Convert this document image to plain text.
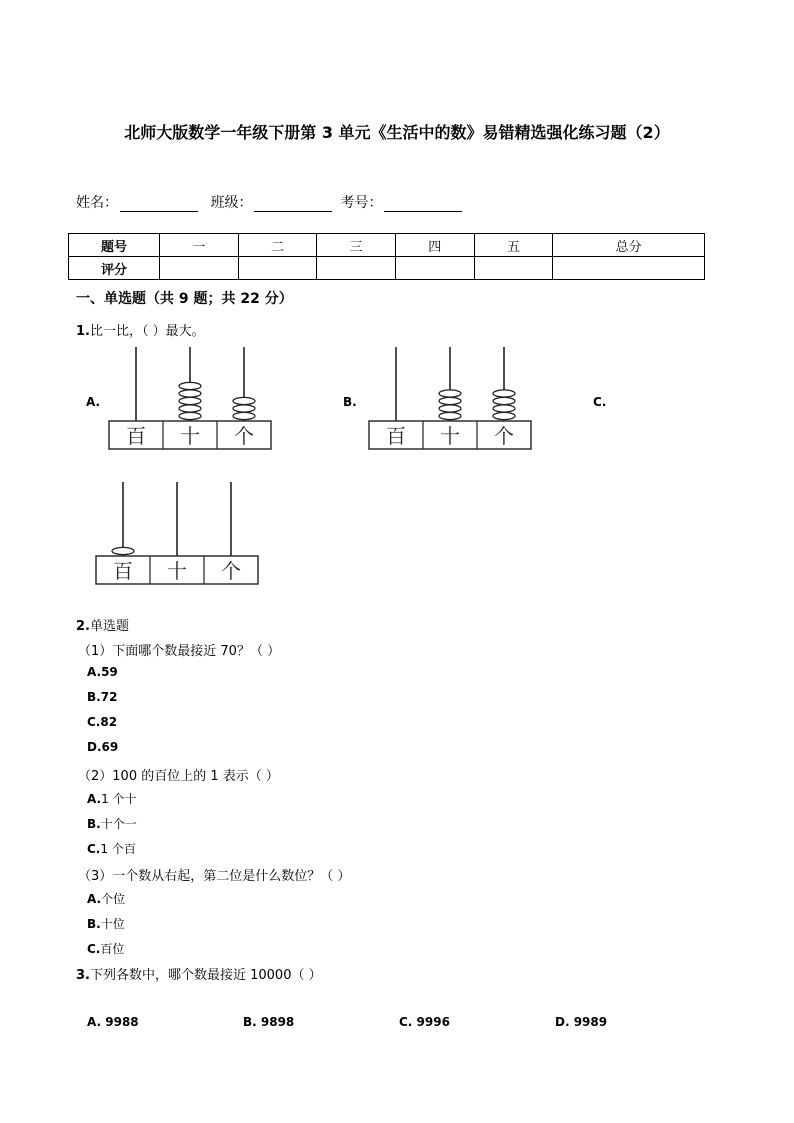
北师大版数学一年级下册第 3 单元《生活中的数》易错精选强化练习题（2）
姓名：	班级：	考号：
题号	一	二	三	四	五	总分
评分						
一、单选题（共 9 题；共 22 分）
1.比一比，（ ）最大。
A.	B.	C.
百 十 个	百 十 个
百 十 个
2.单选题
（1）下面哪个数最接近 70？（ ）
A.59
B.72
C.82
D.69
（2）100 的百位上的 1 表示（ ）
A.1 个十
B.十个一
C.1 个百
（3）一个数从右起，第二位是什么数位？（ ）
A.个位
B.十位
C.百位
3.下列各数中，哪个数最接近 10000（ ）
A. 9988	B. 9898	C. 9996	D. 9989
